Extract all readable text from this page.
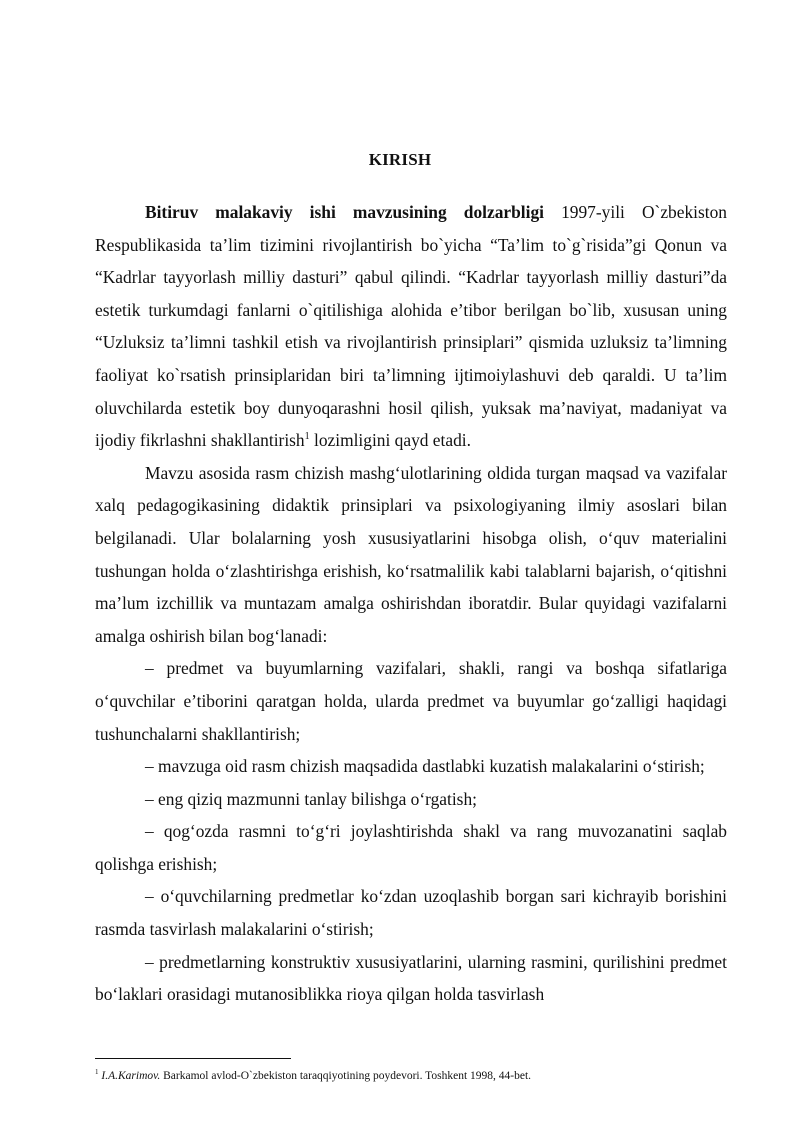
KIRISH

Bitiruv malakaviy ishi mavzusining dolzarbligi 1997-yili O`zbekiston Respublikasida ta’lim tizimini rivojlantirish bo`yicha “Ta’lim to`g`risida”gi Qonun va “Kadrlar tayyorlash milliy dasturi” qabul qilindi. “Kadrlar tayyorlash milliy dasturi”da estetik turkumdagi fanlarni o`qitilishiga alohida e’tibor berilgan bo`lib, xususan uning “Uzluksiz ta’limni tashkil etish va rivojlantirish prinsiplari” qismida uzluksiz ta’limning faoliyat ko`rsatish prinsiplaridan biri ta’limning ijtimoiylashuvi deb qaraldi. U ta’lim oluvchilarda estetik boy dunyoqarashni hosil qilish, yuksak ma’naviyat, madaniyat va ijodiy fikrlashni shakllantirish$^1$ lozimligini qayd etadi.

Mavzu asosida rasm chizish mashg‘ulotlarining oldida turgan maqsad va vazifalar xalq pedagogikasining didaktik prinsiplari va psixologiyaning ilmiy asoslari bilan belgilanadi. Ular bolalarning yosh xususiyatlarini hisobga olish, o‘quv materialini tushungan holda o‘zlashtirishga erishish, ko‘rsatmalilik kabi talablarni bajarish, o‘qitishni ma’lum izchillik va muntazam amalga oshirishdan iboratdir. Bular quyidagi vazifalarni amalga oshirish bilan bog‘lanadi:

– predmet va buyumlarning vazifalari, shakli, rangi va boshqa sifatlariga o‘quvchilar e’tiborini qaratgan holda, ularda predmet va buyumlar go‘zalligi haqidagi tushunchalarni shakllantirish;

– mavzuga oid rasm chizish maqsadida dastlabki kuzatish malakalarini o‘stirish;

– eng qiziq mazmunni tanlay bilishga o‘rgatish;

– qog‘ozda rasmni to‘g‘ri joylashtirishda shakl va rang muvozanatini saqlab qolishga erishish;

– o‘quvchilarning predmetlar ko‘zdan uzoqlashib borgan sari kichrayib borishini rasmda tasvirlash malakalarini o‘stirish;

– predmetlarning konstruktiv xususiyatlarini, ularning rasmini, qurilishini predmet bo‘laklari orasidagi mutanosiblikka rioya qilgan holda tasvirlash

$^1$ I.A.Karimov. Barkamol avlod-O`zbekiston taraqqiyotining poydevori. Toshkent 1998, 44-bet.
